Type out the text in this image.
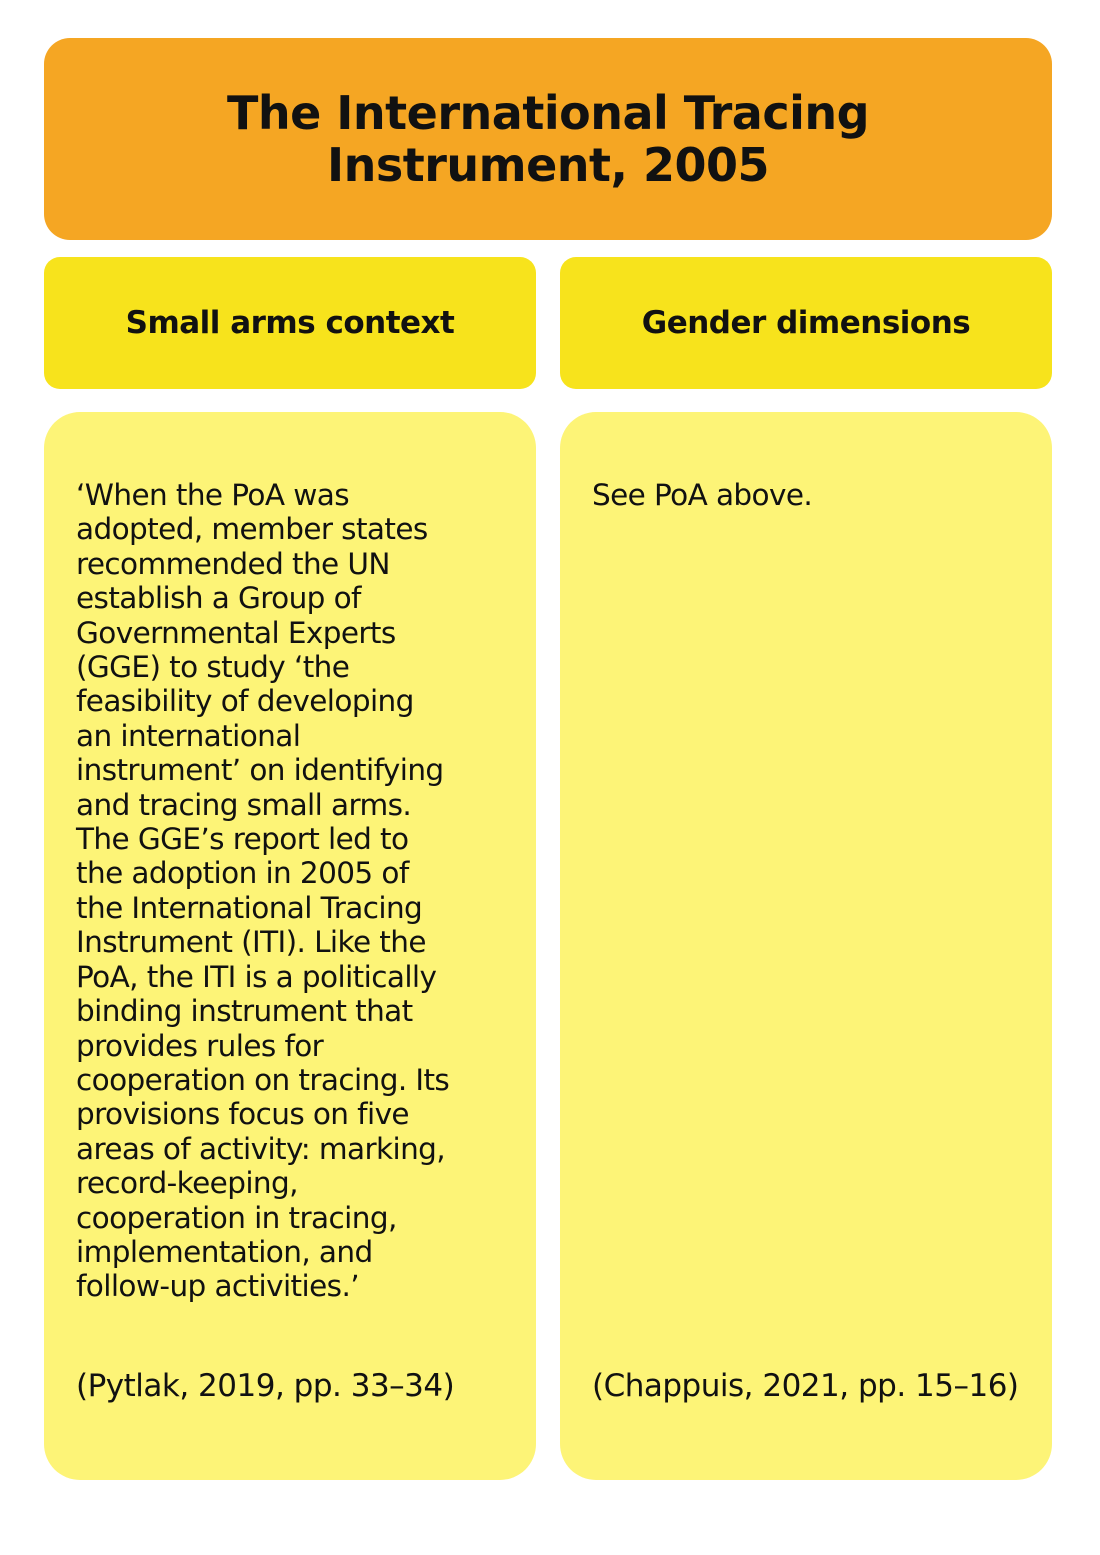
The International Tracing
Instrument, 2005
Small arms context	Gender dimensions
‘When the PoA was
adopted, member states
recommended the UN
establish a Group of
Governmental Experts
(GGE) to study ‘the
feasibility of developing
an international
instrument’ on identifying
and tracing small arms.
The GGE’s report led to
the adoption in 2005 of
the International Tracing
Instrument (ITI). Like the
PoA, the ITI is a politically
binding instrument that
provides rules for
cooperation on tracing. Its
provisions focus on five
areas of activity: marking,
record-keeping,
cooperation in tracing,
implementation, and
follow-up activities.’
(Pytlak, 2019, pp. 33–34)
See PoA above.
(Chappuis, 2021, pp. 15–16)
